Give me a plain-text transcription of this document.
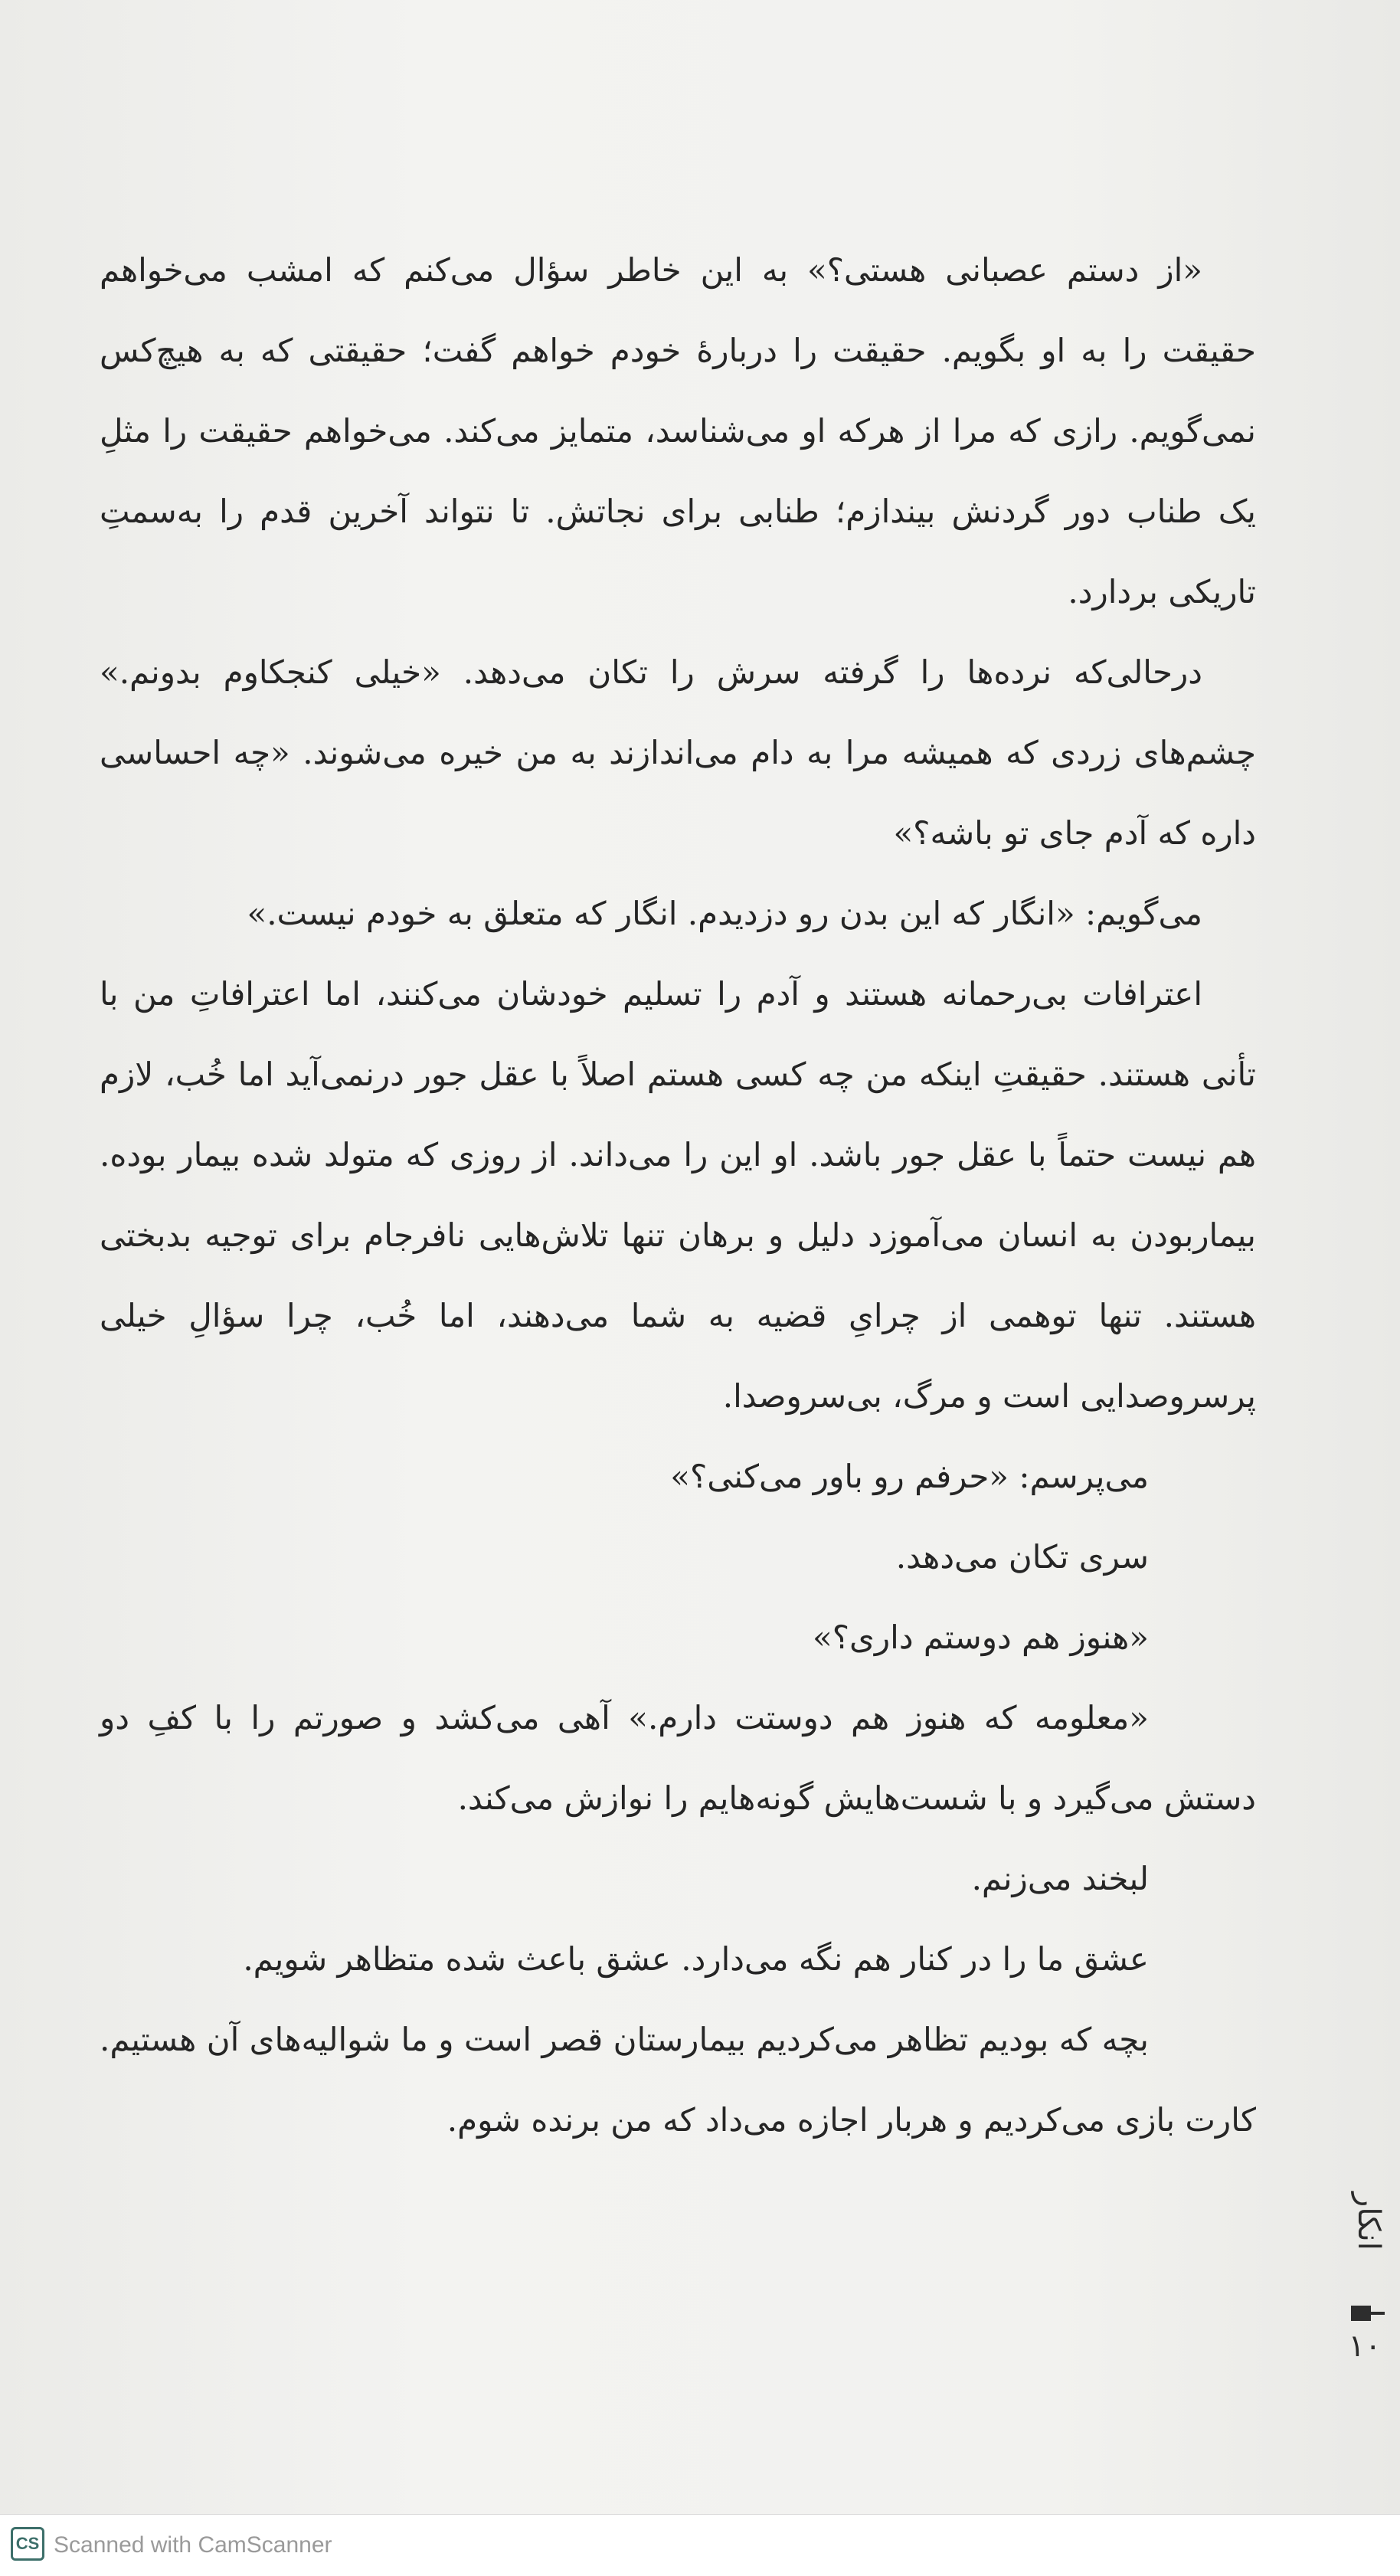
«از دستم عصبانی هستی؟» به این خاطر سؤال می‌کنم که امشب می‌خواهم حقیقت را به او بگویم. حقیقت را دربارهٔ خودم خواهم گفت؛ حقیقتی که به هیچ‌کس نمی‌گویم. رازی که مرا از هرکه او می‌شناسد، متمایز می‌کند. می‌خواهم حقیقت را مثلِ یک طناب دور گردنش بیندازم؛ طنابی برای نجاتش. تا نتواند آخرین قدم را به‌سمتِ تاریکی بردارد.

درحالی‌که نرده‌ها را گرفته سرش را تکان می‌دهد. «خیلی کنجکاوم بدونم.» چشم‌های زردی که همیشه مرا به دام می‌اندازند به من خیره می‌شوند. «چه احساسی داره که آدم جای تو باشه؟»

می‌گویم: «انگار که این بدن رو دزدیدم. انگار که متعلق به خودم نیست.»

اعترافات بی‌رحمانه هستند و آدم را تسلیم خودشان می‌کنند، اما اعترافاتِ من با تأنی هستند. حقیقتِ اینکه من چه کسی هستم اصلاً با عقل جور درنمی‌آید اما خُب، لازم هم نیست حتماً با عقل جور باشد. او این را می‌داند. از روزی که متولد شده بیمار بوده. بیماربودن به انسان می‌آموزد دلیل و برهان تنها تلاش‌هایی نافرجام برای توجیه بدبختی هستند. تنها توهمی از چرایِ قضیه به شما می‌دهند، اما خُب، چرا سؤالِ خیلی پرسروصدایی است و مرگ، بی‌سروصدا.

می‌پرسم: «حرفم رو باور می‌کنی؟»

سری تکان می‌دهد.

«هنوز هم دوستم داری؟»

«معلومه که هنوز هم دوستت دارم.» آهی می‌کشد و صورتم را با کفِ دو دستش می‌گیرد و با شست‌هایش گونه‌هایم را نوازش می‌کند.

لبخند می‌زنم.

عشق ما را در کنار هم نگه می‌دارد. عشق باعث شده متظاهر شویم.

بچه که بودیم تظاهر می‌کردیم بیمارستان قصر است و ما شوالیه‌های آن هستیم. کارت بازی می‌کردیم و هربار اجازه می‌داد که من برنده شوم.

انکار
۱۰
CS Scanned with CamScanner
